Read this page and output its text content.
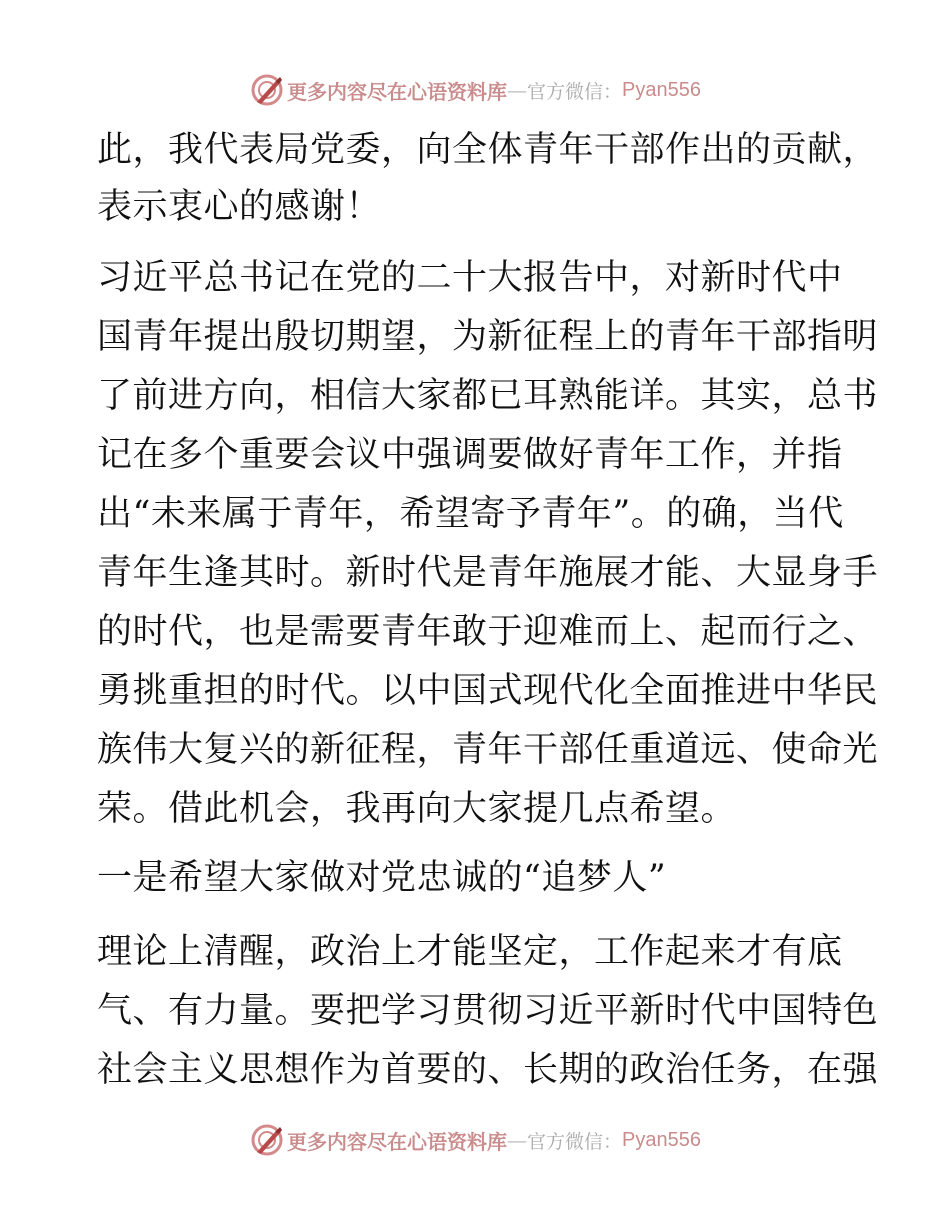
更多内容尽在心语资料库 — 官方微信： Pyan556
此，我代表局党委，向全体青年干部作出的贡献，
表示衷心的感谢！
习近平总书记在党的二十大报告中，对新时代中
国青年提出殷切期望，为新征程上的青年干部指明
了前进方向，相信大家都已耳熟能详。其实，总书
记在多个重要会议中强调要做好青年工作，并指
出“未来属于青年，希望寄予青年”。的确，当代
青年生逢其时。新时代是青年施展才能、大显身手
的时代，也是需要青年敢于迎难而上、起而行之、
勇挑重担的时代。以中国式现代化全面推进中华民
族伟大复兴的新征程，青年干部任重道远、使命光
荣。借此机会，我再向大家提几点希望。
一是希望大家做对党忠诚的“追梦人”
理论上清醒，政治上才能坚定，工作起来才有底
气、有力量。要把学习贯彻习近平新时代中国特色
社会主义思想作为首要的、长期的政治任务，在强
更多内容尽在心语资料库 — 官方微信： Pyan556
